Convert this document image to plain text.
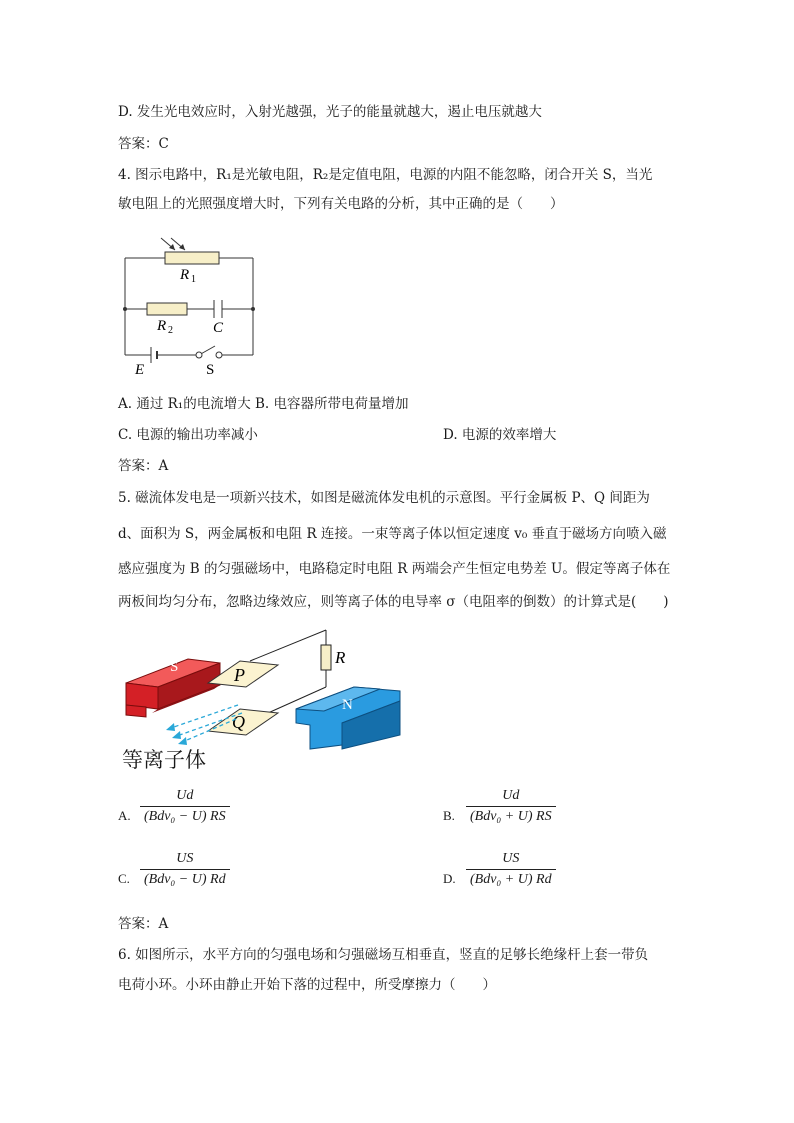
D. 发生光电效应时，入射光越强，光子的能量就越大，遏止电压就越大
答案：C
4. 图示电路中，R₁是光敏电阻，R₂是定值电阻，电源的内阻不能忽略，闭合开关 S，当光
敏电阻上的光照强度增大时，下列有关电路的分析，其中正确的是（　　）
R 1
R 2	C
E	S
A. 通过 R₁的电流增大 B. 电容器所带电荷量增加
C. 电源的输出功率减小	D. 电源的效率增大
答案：A
5. 磁流体发电是一项新兴技术，如图是磁流体发电机的示意图。平行金属板 P、Q 间距为
d、面积为 S，两金属板和电阻 R 连接。一束等离子体以恒定速度 v₀ 垂直于磁场方向喷入磁
感应强度为 B 的匀强磁场中，电路稳定时电阻 R 两端会产生恒定电势差 U。假定等离子体在
两板间均匀分布，忽略边缘效应，则等离子体的电导率 σ（电阻率的倒数）的计算式是(　　)
R
S	P
Q
N
等离子体
A.
Ud
(Bdv₀ − U) RS	B.
Ud
(Bdv₀ + U) RS
C.
US
(Bdv₀ − U) Rd	D.
US
(Bdv₀ + U) Rd
答案：A
6. 如图所示，水平方向的匀强电场和匀强磁场互相垂直，竖直的足够长绝缘杆上套一带负
电荷小环。小环由静止开始下落的过程中，所受摩擦力（　　）
